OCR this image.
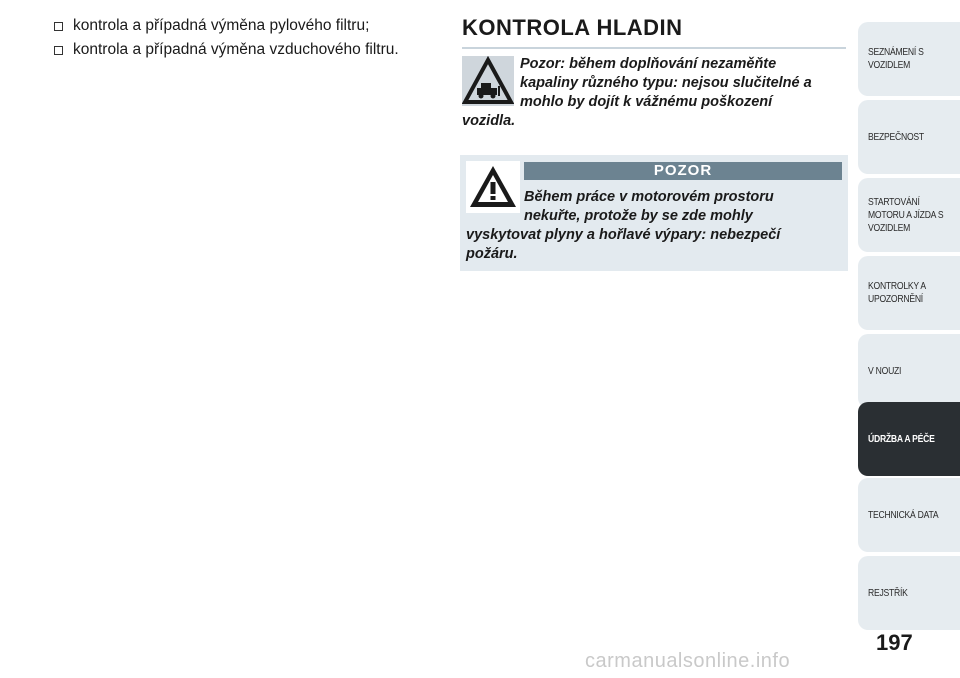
kontrola a případná výměna pylového filtru;
kontrola a případná výměna vzduchového filtru.
KONTROLA HLADIN

Pozor: během doplňování nezaměňte

kapaliny různého typu: nejsou slučitelné a

mohlo by dojít k vážnému poškození

vozidla.

POZOR

Během práce v motorovém prostoru

nekuřte, protože by se zde mohly

vyskytovat plyny a hořlavé výpary: nebezpečí

požáru.

SEZNÁMENÍ S
VOZIDLEM
BEZPEČNOST
STARTOVÁNÍ
MOTORU A JÍZDA S
VOZIDLEM
KONTROLKY A
UPOZORNĚNÍ
V NOUZI
ÚDRŽBA A PÉČE
TECHNICKÁ DATA
REJSTŘÍK
197
carmanualsonline.info
